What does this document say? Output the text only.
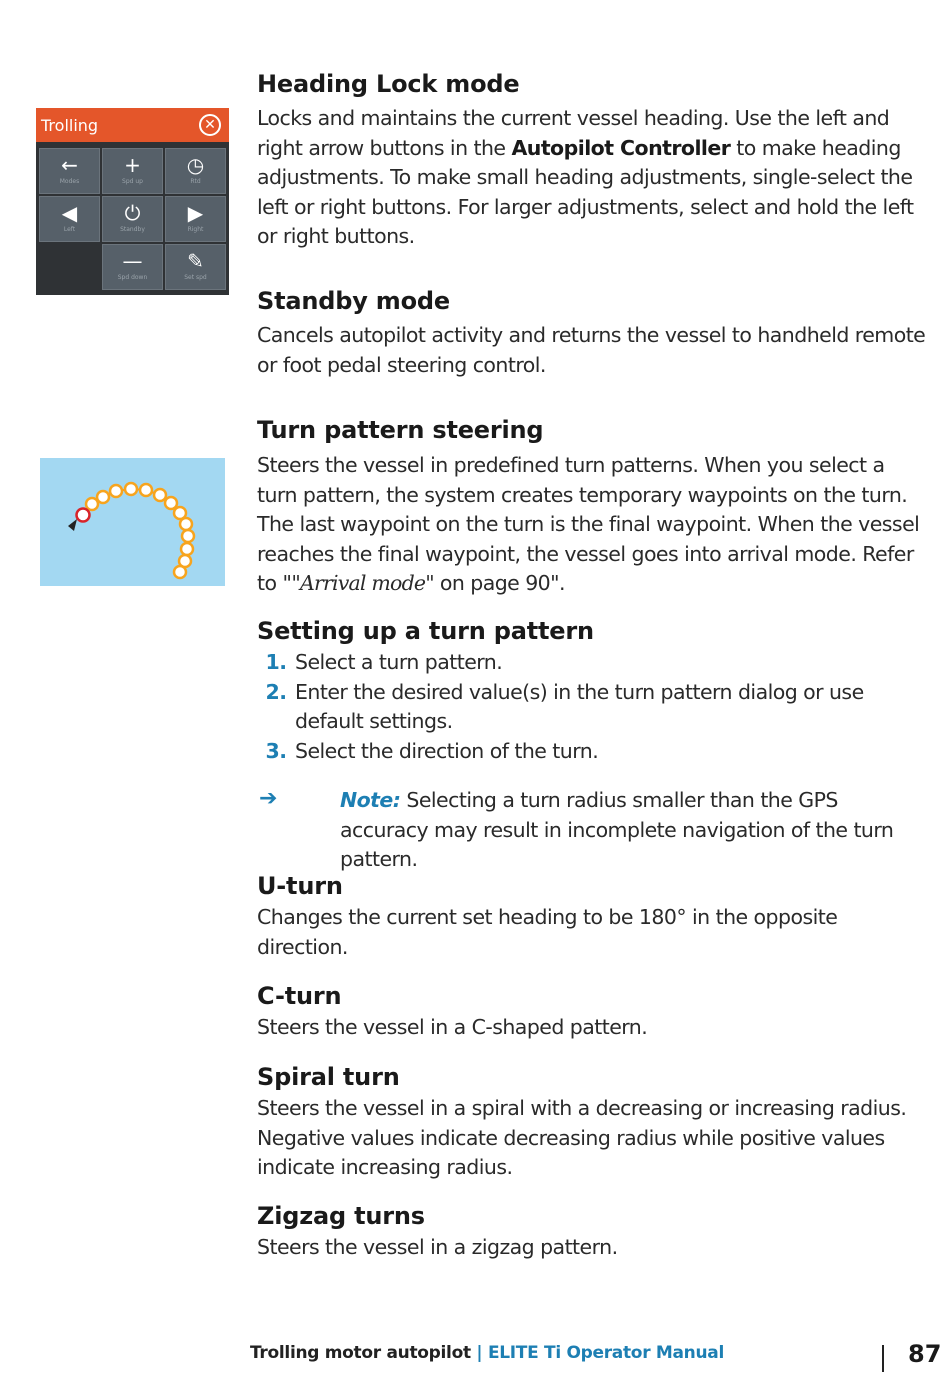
Trolling	✕
←
Modes
+
Spd up
◷
Rtd
◀
Left
⏻
Standby
▶
Right
—
Spd down
✎
Set spd
Heading Lock mode

Locks and maintains the current vessel heading. Use the left and right arrow buttons in the Autopilot Controller to make heading adjustments. To make small heading adjustments, single-select the left or right buttons. For larger adjustments, select and hold the left or right buttons.

Standby mode

Cancels autopilot activity and returns the vessel to handheld remote or foot pedal steering control.

Turn pattern steering

Steers the vessel in predefined turn patterns. When you select a turn pattern, the system creates temporary waypoints on the turn. The last waypoint on the turn is the final waypoint. When the vessel reaches the final waypoint, the vessel goes into arrival mode. Refer to ""Arrival mode" on page 90".

Setting up a turn pattern
1. Select a turn pattern.
2. Enter the desired value(s) in the turn pattern dialog or use default settings.
3. Select the direction of the turn.
➔	Note: Selecting a turn radius smaller than the GPS accuracy may result in incomplete navigation of the turn pattern.

U-turn

Changes the current set heading to be 180° in the opposite direction.

C-turn

Steers the vessel in a C-shaped pattern.

Spiral turn

Steers the vessel in a spiral with a decreasing or increasing radius. Negative values indicate decreasing radius while positive values indicate increasing radius.

Zigzag turns

Steers the vessel in a zigzag pattern.

Trolling motor autopilot | ELITE Ti Operator Manual	87
